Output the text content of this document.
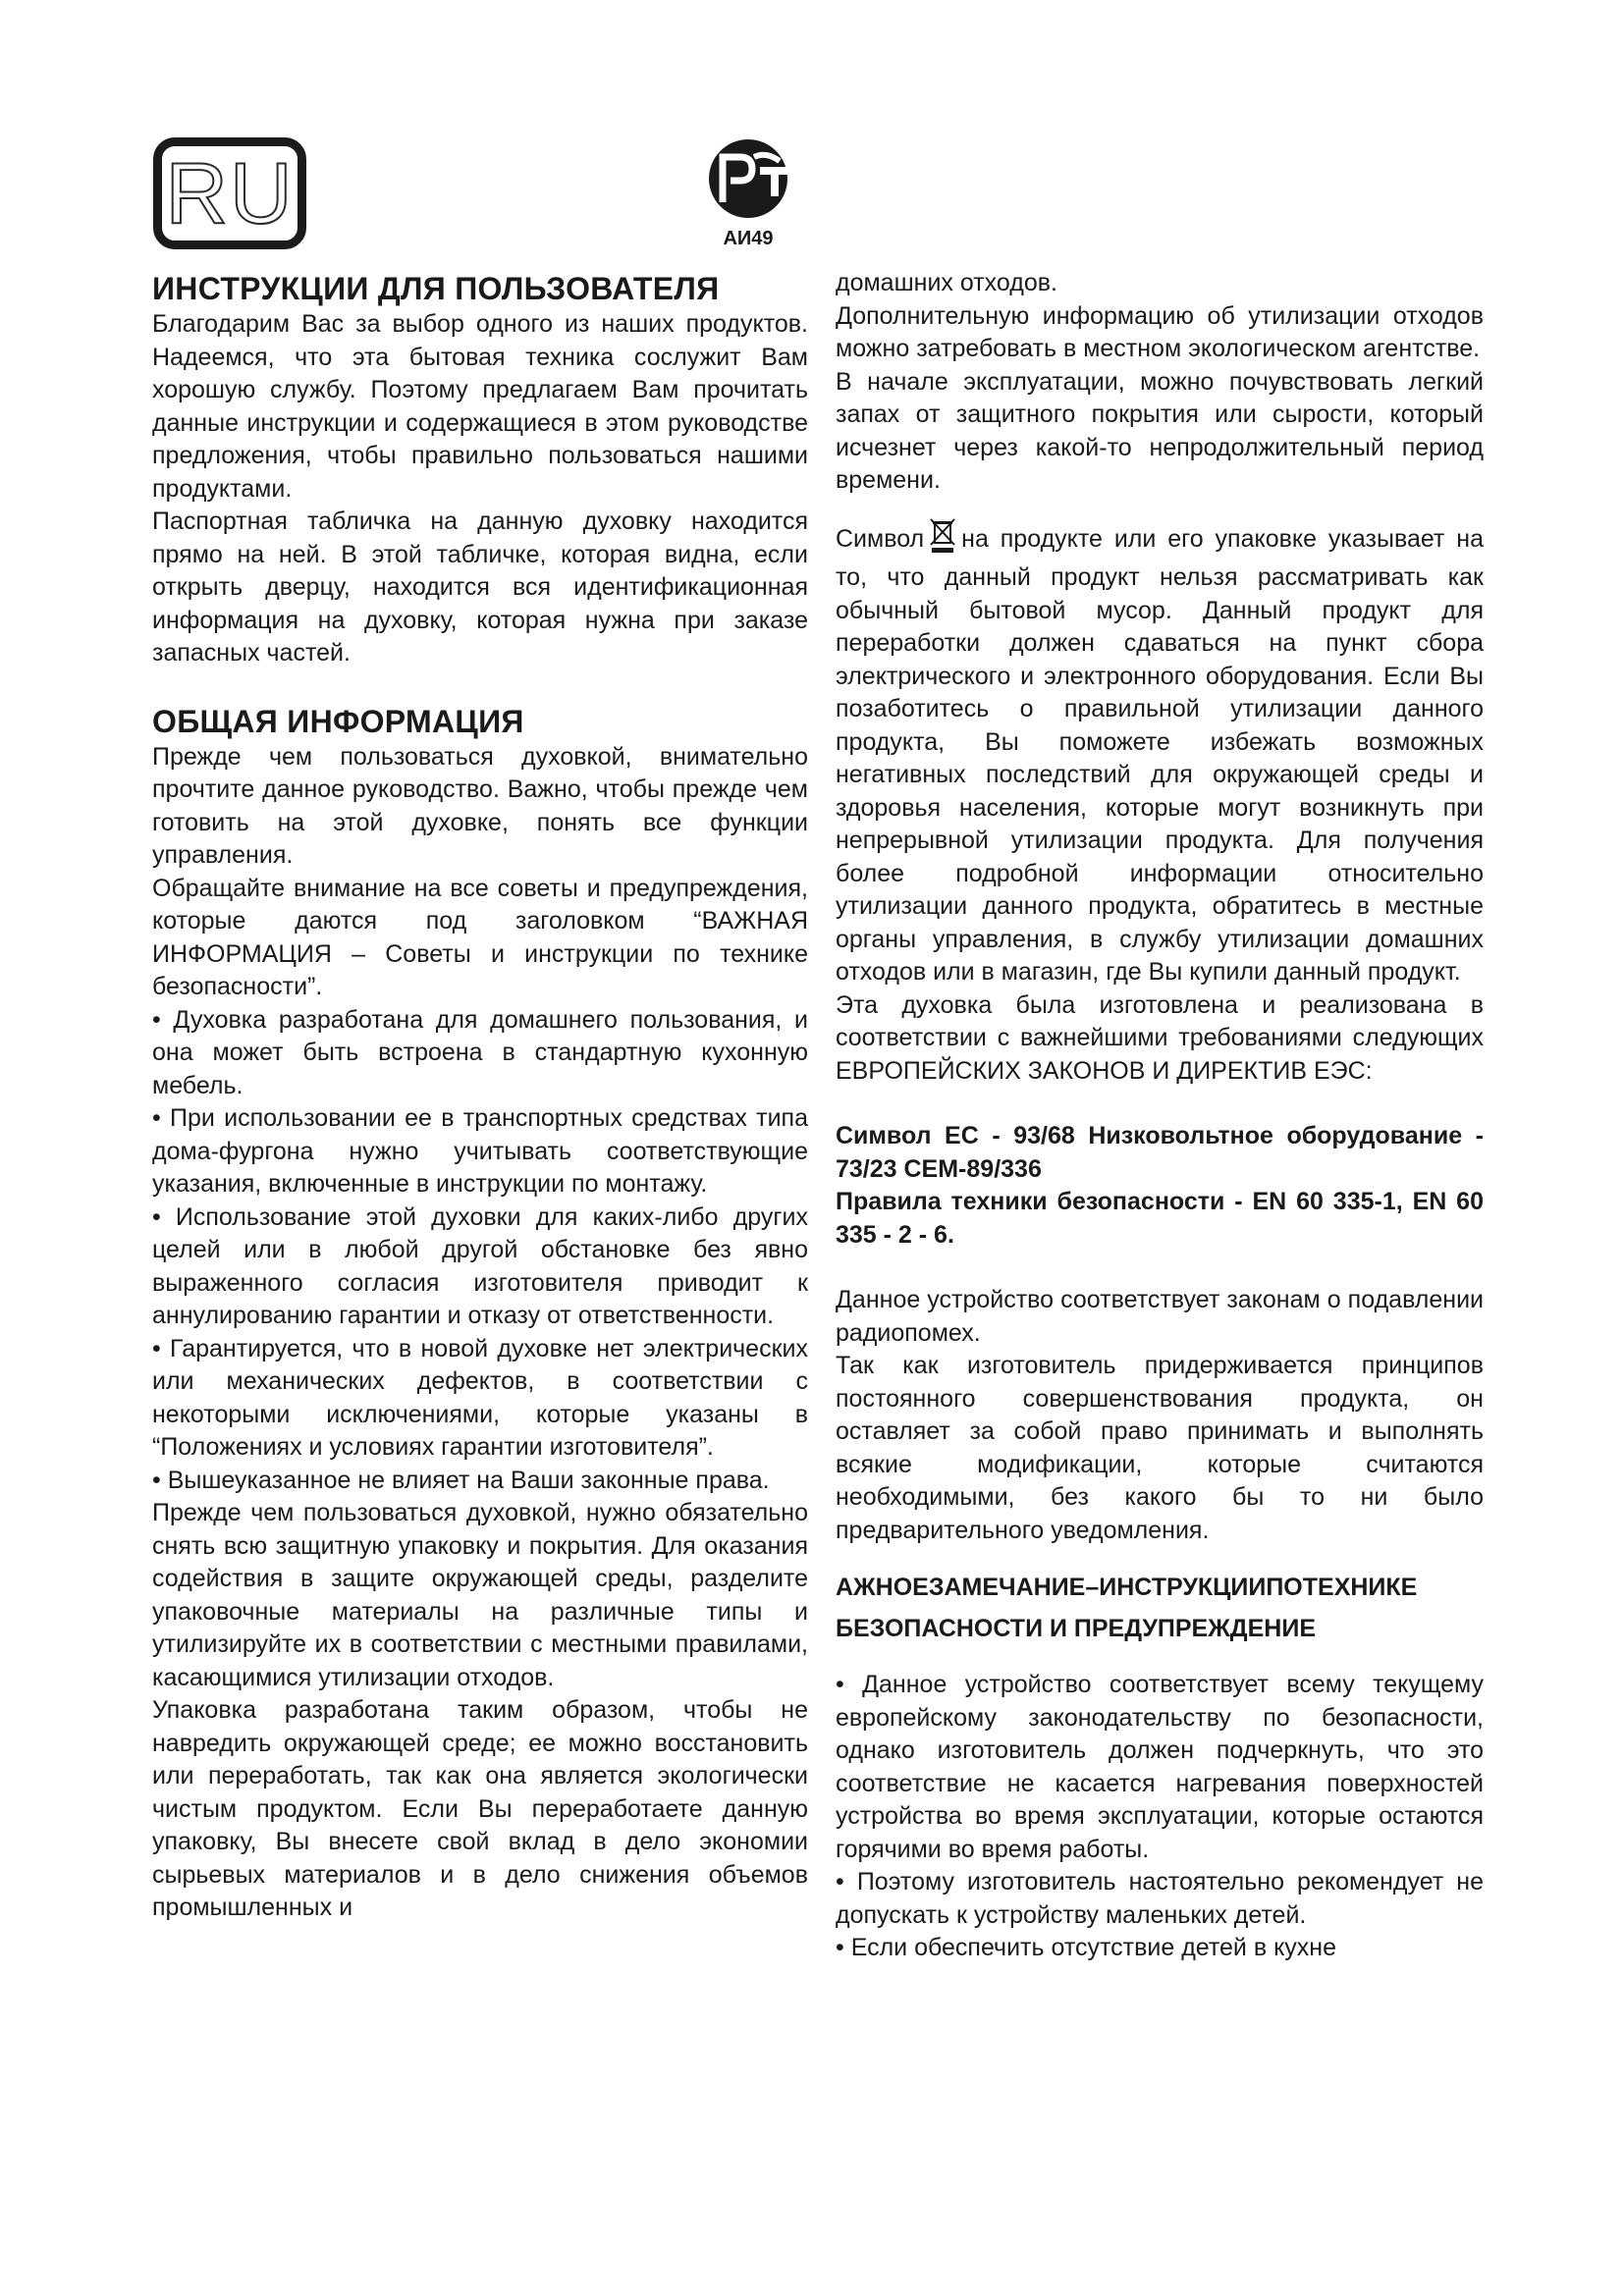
RU	АИ49
ИНСТРУКЦИИ ДЛЯ ПОЛЬЗОВАТЕЛЯ

Благодарим Вас за выбор одного из наших продуктов. Надеемся, что эта бытовая техника сослужит Вам хорошую службу. Поэтому предлагаем Вам прочитать данные инструкции и содержащиеся в этом руководстве предложения, чтобы правильно пользоваться нашими продуктами.

Паспортная табличка на данную духовку находится прямо на ней. В этой табличке, которая видна, если открыть дверцу, находится вся идентификационная информация на духовку, которая нужна при заказе запасных частей.

ОБЩАЯ ИНФОРМАЦИЯ

Прежде чем пользоваться духовкой, внимательно прочтите данное руководство. Важно, чтобы прежде чем готовить на этой духовке, понять все функции управления.

Обращайте внимание на все советы и предупреждения, которые даются под заголовком “ВАЖНАЯ ИНФОРМАЦИЯ – Советы и инструкции по технике безопасности”.

• Духовка разработана для домашнего пользования, и она может быть встроена в стандартную кухонную мебель.

• При использовании ее в транспортных средствах типа дома-фургона нужно учитывать соответствующие указания, включенные в инструкции по монтажу.

• Использование этой духовки для каких-либо других целей или в любой другой обстановке без явно выраженного согласия изготовителя приводит к аннулированию гарантии и отказу от ответственности.

• Гарантируется, что в новой духовке нет электрических или механических дефектов, в соответствии с некоторыми исключениями, которые указаны в “Положениях и условиях гарантии изготовителя”.

• Вышеуказанное не влияет на Ваши законные права.

Прежде чем пользоваться духовкой, нужно обязательно снять всю защитную упаковку и покрытия. Для оказания содействия в защите окружающей среды, разделите упаковочные материалы на различные типы и утилизируйте их в соответствии с местными правилами, касающимися утилизации отходов.

Упаковка разработана таким образом, чтобы не навредить окружающей среде; ее можно восстановить или переработать, так как она является экологически чистым продуктом. Если Вы переработаете данную упаковку, Вы внесете свой вклад в дело экономии сырьевых материалов и в дело снижения объемов промышленных и

домашних отходов.

Дополнительную информацию об утилизации отходов можно затребовать в местном экологическом агентстве.

В начале эксплуатации, можно почувствовать легкий запах от защитного покрытия или сырости, который исчезнет через какой-то непродолжительный период времени.

Символ на продукте или его упаковке указывает на то, что данный продукт нельзя рассматривать как обычный бытовой мусор. Данный продукт для переработки должен сдаваться на пункт сбора электрического и электронного оборудования. Если Вы позаботитесь о правильной утилизации данного продукта, Вы поможете избежать возможных негативных последствий для окружающей среды и здоровья населения, которые могут возникнуть при непрерывной утилизации продукта. Для получения более подробной информации относительно утилизации данного продукта, обратитесь в местные органы управления, в службу утилизации домашних отходов или в магазин, где Вы купили данный продукт.

Эта духовка была изготовлена и реализована в соответствии с важнейшими требованиями следующих ЕВРОПЕЙСКИХ ЗАКОНОВ И ДИРЕКТИВ ЕЭС:

Символ ЕС - 93/68 Низковольтное оборудование - 73/23 СЕМ-89/336

Правила техники безопасности - EN 60 335-1, EN 60 335 - 2 - 6.

Данное устройство соответствует законам о подавлении радиопомех.

Так как изготовитель придерживается принципов постоянного совершенствования продукта, он оставляет за собой право принимать и выполнять всякие модификации, которые считаются необходимыми, без какого бы то ни было предварительного уведомления.

АЖНОЕЗАМЕЧАНИЕ–ИНСТРУКЦИИПОТЕХНИКЕ БЕЗОПАСНОСТИ И ПРЕДУПРЕЖДЕНИЕ

• Данное устройство соответствует всему текущему европейскому законодательству по безопасности, однако изготовитель должен подчеркнуть, что это соответствие не касается нагревания поверхностей устройства во время эксплуатации, которые остаются горячими во время работы.

• Поэтому изготовитель настоятельно рекомендует не допускать к устройству маленьких детей.

• Если обеспечить отсутствие детей в кухне
